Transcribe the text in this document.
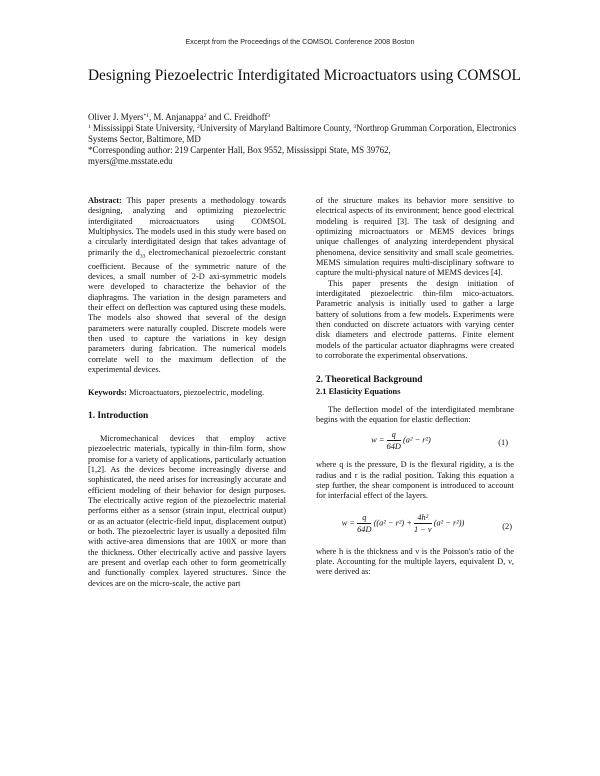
Excerpt from the Proceedings of the COMSOL Conference 2008 Boston
Designing Piezoelectric Interdigitated Microactuators using COMSOL
Oliver J. Myers$^{*1}$, M. Anjanappa$^2$ and C. Freidhoff$^3$
$^1$ Mississippi State University, $^2$University of Maryland Baltimore County, $^3$Northrop Grumman Corporation, Electronics Systems Sector, Baltimore, MD
*Corresponding author: 219 Carpenter Hall, Box 9552, Mississippi State, MS 39762,
myers@me.msstate.edu

Abstract: This paper presents a methodology towards designing, analyzing and optimizing piezoelectric interdigitated microactuators using COMSOL Multiphysics. The models used in this study were based on a circularly interdigitated design that takes advantage of primarily the $d_{33}$ electromechanical piezoelectric constant coefficient. Because of the symmetric nature of the devices, a small number of 2-D axi-symmetric models were developed to characterize the behavior of the diaphragms. The variation in the design parameters and their effect on deflection was captured using these models. The models also showed that several of the design parameters were naturally coupled. Discrete models were then used to capture the variations in key design parameters during fabrication. The numerical models correlate well to the maximum deflection of the experimental devices.

Keywords: Microactuators, piezoelectric, modeling.

1. Introduction

Micromechanical devices that employ active piezoelectric materials, typically in thin-film form, show promise for a variety of applications, particularly actuation [1,2]. As the devices become increasingly diverse and sophisticated, the need arises for increasingly accurate and efficient modeling of their behavior for design purposes. The electrically active region of the piezoelectric material performs either as a sensor (strain input, electrical output) or as an actuator (electric-field input, displacement output) or both. The piezoelectric layer is usually a deposited film with active-area dimensions that are 100X or more than the thickness. Other electrically active and passive layers are present and overlap each other to form geometrically and functionally complex layered structures. Since the devices are on the micro-scale, the active part

of the structure makes its behavior more sensitive to electrical aspects of its environment; hence good electrical modeling is required [3]. The task of designing and optimizing microactuators or MEMS devices brings unique challenges of analyzing interdependent physical phenomena, device sensitivity and small scale geometries. MEMS simulation requires multi-disciplinary software to capture the multi-physical nature of MEMS devices [4].

This paper presents the design initiation of interdigitated piezoelectric thin-film mico-actuators. Parametric analysis is initially used to gather a large battery of solutions from a few models. Experiments were then conducted on discrete actuators with varying center disk diameters and electrode patterns. Finite element models of the particular actuator diaphragms were created to corroborate the experimental observations.

2. Theoretical Background
2.1 Elasticity Equations

The deflection model of the interdigitated membrane begins with the equation for elastic deflection:

$w = \frac{q}{64D} (a^2 - r^2)$	(1)

where q is the pressure, D is the flexural rigidity, a is the radius and r is the radial position. Taking this equation a step further, the shear component is introduced to account for interfacial effect of the layers.

$w = \frac{q}{64D} ((a^2 - r^2) + \frac{\text{4h²}}{1 - \nu} (a^2 - r^2))$	(2)

where h is the thickness and ν is the Poisson's ratio of the plate. Accounting for the multiple layers, equivalent D, ν, were derived as:
